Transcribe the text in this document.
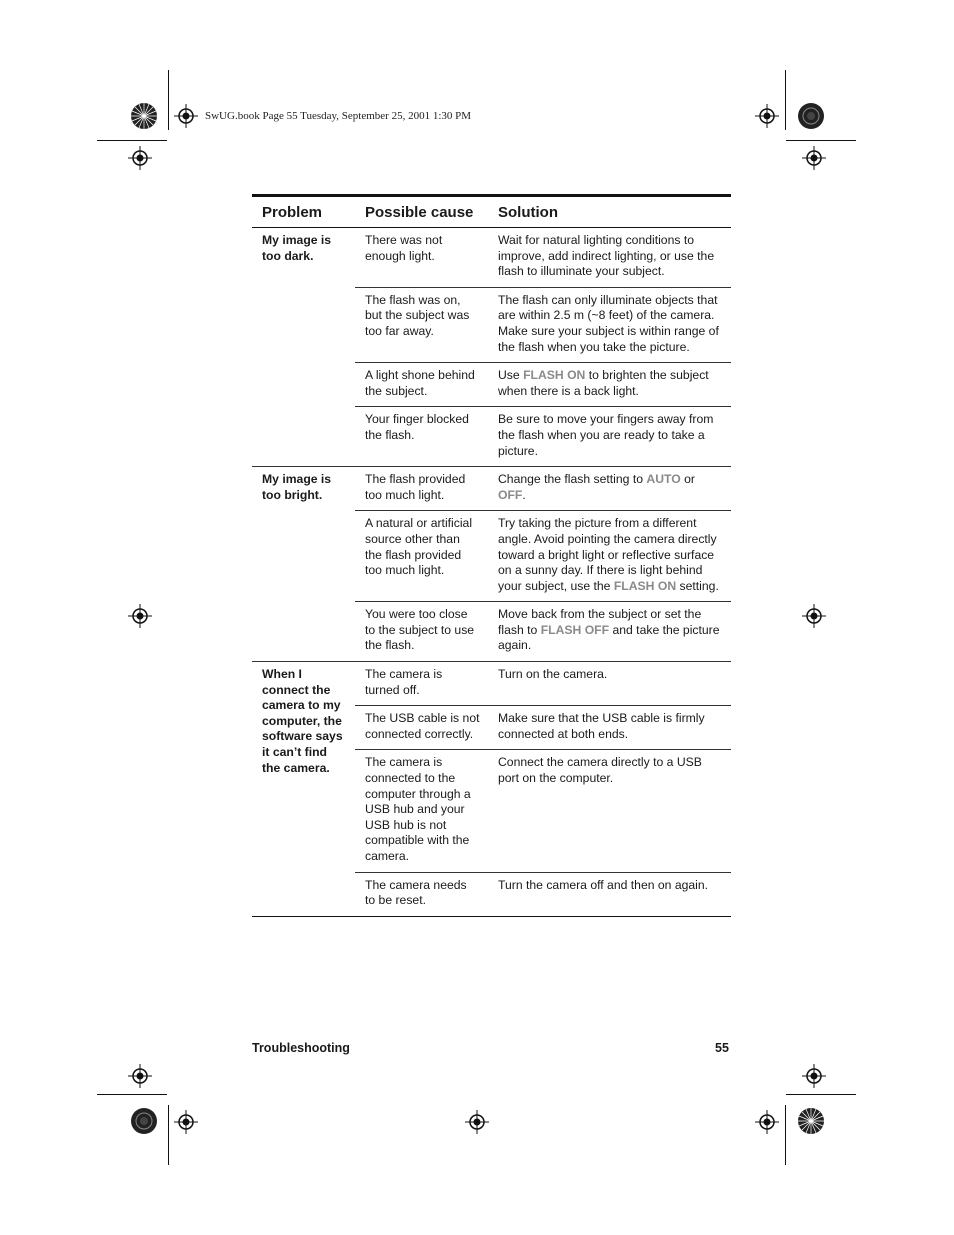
SwUG.book Page 55 Tuesday, September 25, 2001 1:30 PM
Problem	Possible cause	Solution
My image is too dark.	There was not enough light.	Wait for natural lighting conditions to improve, add indirect lighting, or use the flash to illuminate your subject.
	The flash was on, but the subject was too far away.	The flash can only illuminate objects that are within 2.5 m (~8 feet) of the camera. Make sure your subject is within range of the flash when you take the picture.
	A light shone behind the subject.	Use FLASH ON to brighten the subject when there is a back light.
	Your finger blocked the flash.	Be sure to move your fingers away from the flash when you are ready to take a picture.
My image is too bright.	The flash provided too much light.	Change the flash setting to AUTO or OFF.
	A natural or artificial source other than the flash provided too much light.	Try taking the picture from a different angle. Avoid pointing the camera directly toward a bright light or reflective surface on a sunny day. If there is light behind your subject, use the FLASH ON setting.
	You were too close to the subject to use the flash.	Move back from the subject or set the flash to FLASH OFF and take the picture again.
When I connect the camera to my computer, the software says it can’t find the camera.	The camera is turned off.	Turn on the camera.
	The USB cable is not connected correctly.	Make sure that the USB cable is firmly connected at both ends.
	The camera is connected to the computer through a USB hub and your USB hub is not compatible with the camera.	Connect the camera directly to a USB port on the computer.
	The camera needs to be reset.	Turn the camera off and then on again.

Troubleshooting	55
